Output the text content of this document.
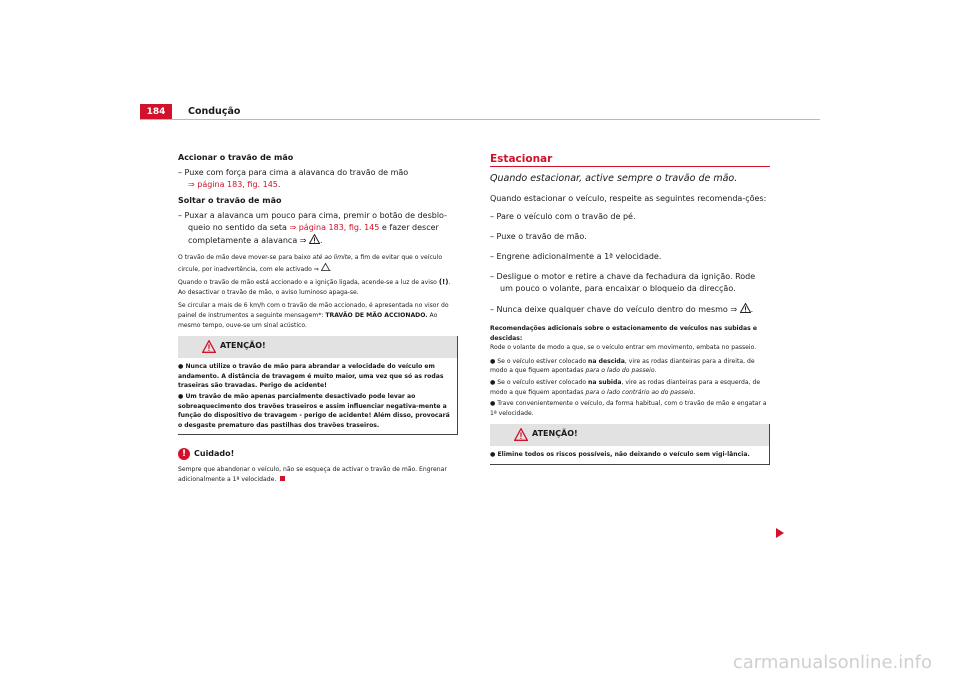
184	Condução

Accionar o travão de mão

– Puxe com força para cima a alavanca do travão de mão
⇒ página 183, fig. 145.

Soltar o travão de mão

– Puxar a alavanca um pouco para cima, premir o botão de desblo-queio no sentido da seta ⇒ página 183, fig. 145 e fazer descer completamente a alavanca ⇒ .

O travão de mão deve mover-se para baixo até ao limite, a fim de evitar que o veículo circule, por inadvertência, com ele activado ⇒ .

Quando o travão de mão está accionado e a ignição ligada, acende-se a luz de aviso (!). Ao desactivar o travão de mão, o aviso luminoso apaga-se.

Se circular a mais de 6 km/h com o travão de mão accionado, é apresentada no visor do painel de instrumentos a seguinte mensagem*: TRAVÃO DE MÃO ACCIONADO. Ao mesmo tempo, ouve-se um sinal acústico.

ATENÇÃO!

● Nunca utilize o travão de mão para abrandar a velocidade do veículo em andamento. A distância de travagem é muito maior, uma vez que só as rodas traseiras são travadas. Perigo de acidente!

● Um travão de mão apenas parcialmente desactivado pode levar ao sobreaquecimento dos travões traseiros e assim influenciar negativa-mente a função do dispositivo de travagem - perigo de acidente! Além disso, provocará o desgaste prematuro das pastilhas dos travões traseiros.

! Cuidado!

Sempre que abandonar o veículo, não se esqueça de activar o travão de mão. Engrenar adicionalmente a 1ª velocidade.

Estacionar

Quando estacionar, active sempre o travão de mão.

Quando estacionar o veículo, respeite as seguintes recomenda-ções:

– Pare o veículo com o travão de pé.

– Puxe o travão de mão.

– Engrene adicionalmente a 1ª velocidade.

– Desligue o motor e retire a chave da fechadura da ignição. Rode um pouco o volante, para encaixar o bloqueio da direcção.

– Nunca deixe qualquer chave do veículo dentro do mesmo ⇒ .

Recomendações adicionais sobre o estacionamento de veículos nas subidas e descidas:

Rode o volante de modo a que, se o veículo entrar em movimento, embata no passeio.

● Se o veículo estiver colocado na descida, vire as rodas dianteiras para a direita, de modo a que fiquem apontadas para o lado do passeio.

● Se o veículo estiver colocado na subida, vire as rodas dianteiras para a esquerda, de modo a que fiquem apontadas para o lado contrário ao do passeio.

● Trave convenientemente o veículo, da forma habitual, com o travão de mão e engatar a 1ª velocidade.

ATENÇÃO!

● Elimine todos os riscos possíveis, não deixando o veículo sem vigi-lância.

carmanualsonline.info
